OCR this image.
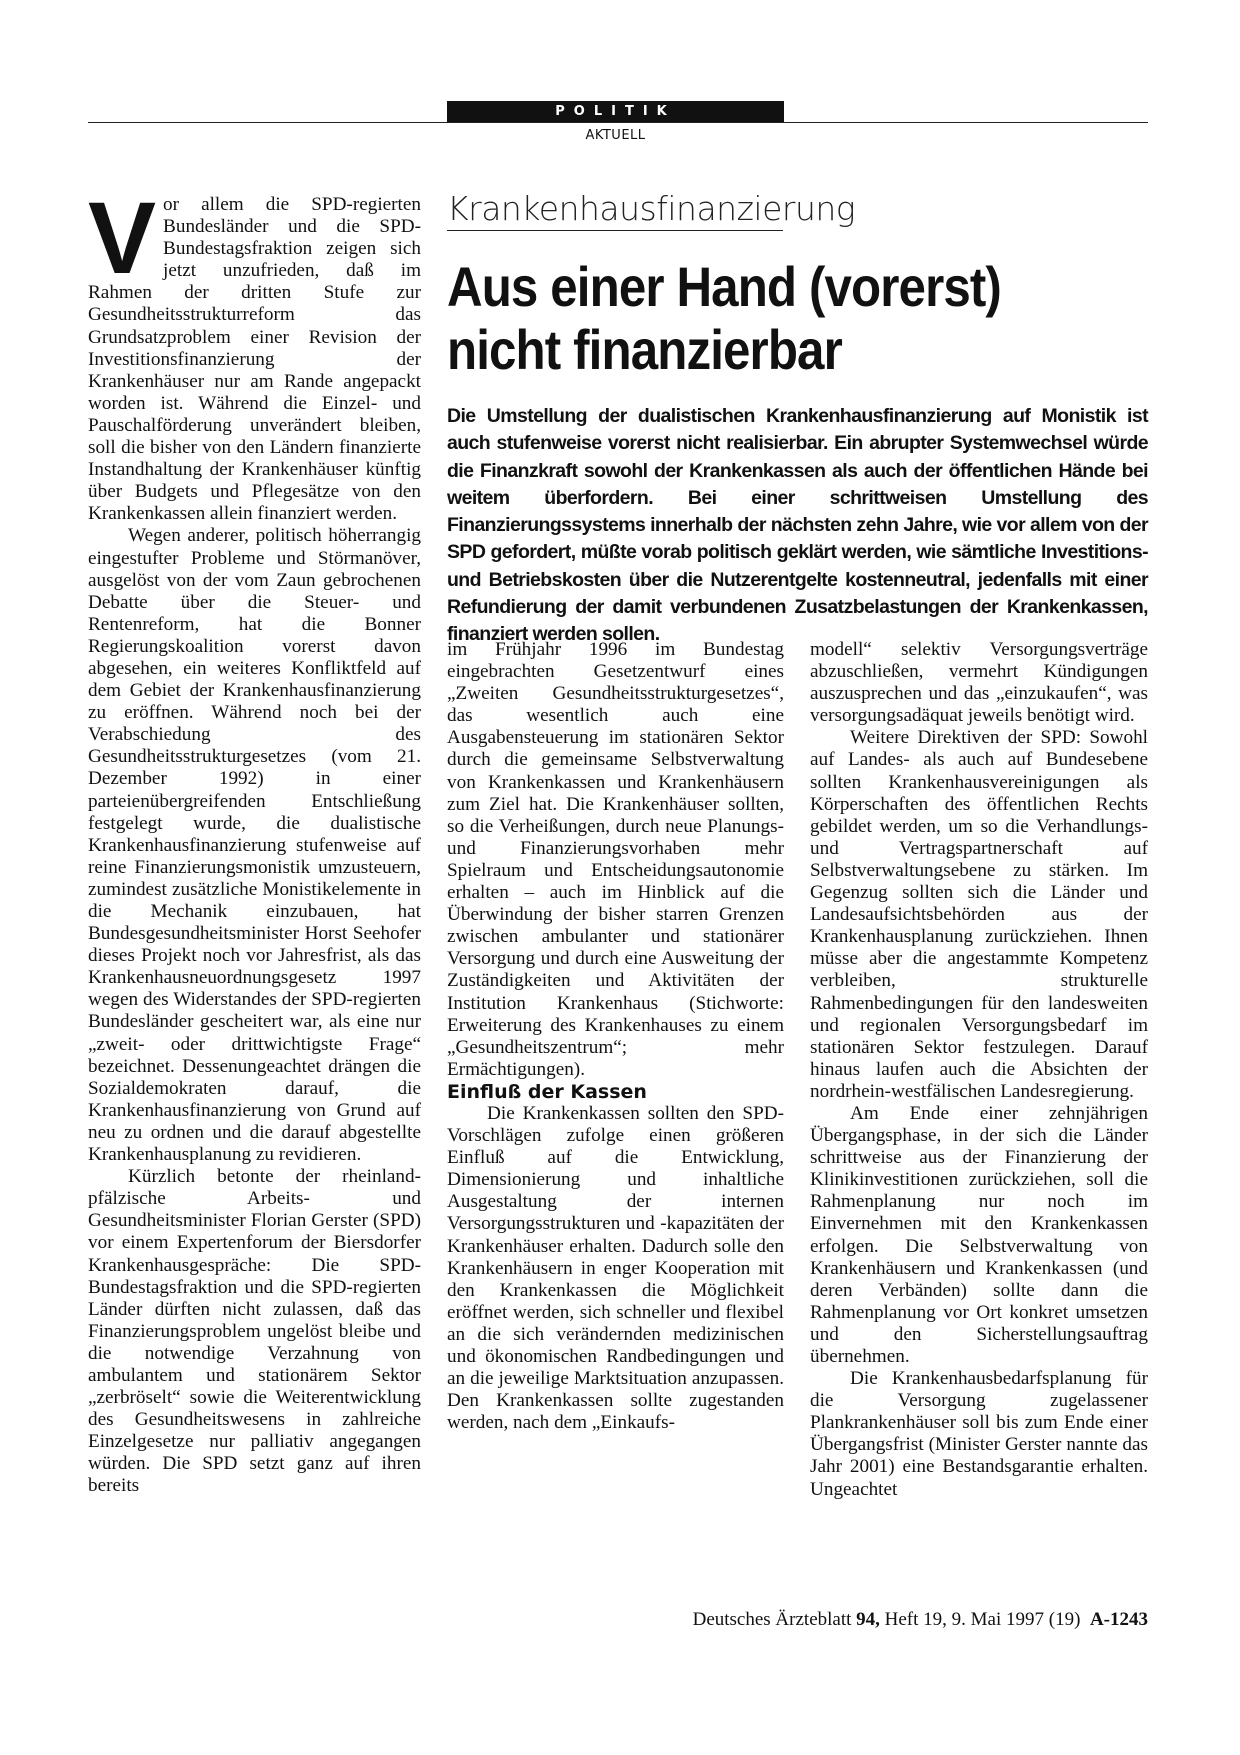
POLITIK
AKTUELL
Krankenhausfinanzierung
Aus einer Hand (vorerst)
nicht finanzierbar
Die Umstellung der dualistischen Krankenhausfinanzierung auf Monistik ist auch stufenweise vorerst nicht realisierbar. Ein abrupter Systemwechsel würde die Finanzkraft sowohl der Krankenkassen als auch der öffentlichen Hände bei weitem überfordern. Bei einer schrittweisen Umstellung des Finanzierungssystems innerhalb der nächsten zehn Jahre, wie vor allem von der SPD gefordert, müßte vorab politisch geklärt werden, wie sämtliche Investitions- und Betriebskosten über die Nutzerentgelte kostenneutral, jedenfalls mit einer Refundierung der damit verbundenen Zusatzbelastungen der Krankenkassen, finanziert werden sollen.

Vor allem die SPD-regierten Bundesländer und die SPD-Bundestagsfraktion zeigen sich jetzt unzufrieden, daß im Rahmen der dritten Stufe zur Gesundheitsstrukturreform das Grundsatzproblem einer Revision der Investitionsfinanzierung der Krankenhäuser nur am Rande angepackt worden ist. Während die Einzel- und Pauschalförderung unverändert bleiben, soll die bisher von den Ländern finanzierte Instandhaltung der Krankenhäuser künftig über Budgets und Pflegesätze von den Krankenkassen allein finanziert werden.

Wegen anderer, politisch höherrangig eingestufter Probleme und Störmanöver, ausgelöst von der vom Zaun gebrochenen Debatte über die Steuer- und Rentenreform, hat die Bonner Regierungskoalition vorerst davon abgesehen, ein weiteres Konfliktfeld auf dem Gebiet der Krankenhausfinanzierung zu eröffnen. Während noch bei der Verabschiedung des Gesundheitsstrukturgesetzes (vom 21. Dezember 1992) in einer parteienübergreifenden Entschließung festgelegt wurde, die dualistische Krankenhausfinanzierung stufenweise auf reine Finanzierungsmonistik umzusteuern, zumindest zusätzliche Monistikelemente in die Mechanik einzubauen, hat Bundesgesundheitsminister Horst Seehofer dieses Projekt noch vor Jahresfrist, als das Krankenhausneuordnungsgesetz 1997 wegen des Widerstandes der SPD-regierten Bundesländer gescheitert war, als eine nur „zweit- oder drittwichtigste Frage“ bezeichnet. Dessenungeachtet drängen die Sozialdemokraten darauf, die Krankenhausfinanzierung von Grund auf neu zu ordnen und die darauf abgestellte Krankenhausplanung zu revidieren.

Kürzlich betonte der rheinland-pfälzische Arbeits- und Gesundheitsminister Florian Gerster (SPD) vor einem Expertenforum der Biersdorfer Krankenhausgespräche: Die SPD-Bundestagsfraktion und die SPD-regierten Länder dürften nicht zulassen, daß das Finanzierungsproblem ungelöst bleibe und die notwendige Verzahnung von ambulantem und stationärem Sektor „zerbröselt“ sowie die Weiterentwicklung des Gesundheitswesens in zahlreiche Einzelgesetze nur palliativ angegangen würden. Die SPD setzt ganz auf ihren bereits

im Frühjahr 1996 im Bundestag eingebrachten Gesetzentwurf eines „Zweiten Gesundheitsstrukturgesetzes“, das wesentlich auch eine Ausgabensteuerung im stationären Sektor durch die gemeinsame Selbstverwaltung von Krankenkassen und Krankenhäusern zum Ziel hat. Die Krankenhäuser sollten, so die Verheißungen, durch neue Planungs- und Finanzierungsvorhaben mehr Spielraum und Entscheidungsautonomie erhalten – auch im Hinblick auf die Überwindung der bisher starren Grenzen zwischen ambulanter und stationärer Versorgung und durch eine Ausweitung der Zuständigkeiten und Aktivitäten der Institution Krankenhaus (Stichworte: Erweiterung des Krankenhauses zu einem „Gesundheitszentrum“; mehr Ermächtigungen).

Einfluß der Kassen

Die Krankenkassen sollten den SPD-Vorschlägen zufolge einen größeren Einfluß auf die Entwicklung, Dimensionierung und inhaltliche Ausgestaltung der internen Versorgungsstrukturen und -kapazitäten der Krankenhäuser erhalten. Dadurch solle den Krankenhäusern in enger Kooperation mit den Krankenkassen die Möglichkeit eröffnet werden, sich schneller und flexibel an die sich verändernden medizinischen und ökonomischen Randbedingungen und an die jeweilige Marktsituation anzupassen. Den Krankenkassen sollte zugestanden werden, nach dem „Einkaufs-

modell“ selektiv Versorgungsverträge abzuschließen, vermehrt Kündigungen auszusprechen und das „einzukaufen“, was versorgungsadäquat jeweils benötigt wird.

Weitere Direktiven der SPD: Sowohl auf Landes- als auch auf Bundesebene sollten Krankenhausvereinigungen als Körperschaften des öffentlichen Rechts gebildet werden, um so die Verhandlungs- und Vertragspartnerschaft auf Selbstverwaltungsebene zu stärken. Im Gegenzug sollten sich die Länder und Landesaufsichtsbehörden aus der Krankenhausplanung zurückziehen. Ihnen müsse aber die angestammte Kompetenz verbleiben, strukturelle Rahmenbedingungen für den landesweiten und regionalen Versorgungsbedarf im stationären Sektor festzulegen. Darauf hinaus laufen auch die Absichten der nordrhein-westfälischen Landesregierung.

Am Ende einer zehnjährigen Übergangsphase, in der sich die Länder schrittweise aus der Finanzierung der Klinikinvestitionen zurückziehen, soll die Rahmenplanung nur noch im Einvernehmen mit den Krankenkassen erfolgen. Die Selbstverwaltung von Krankenhäusern und Krankenkassen (und deren Verbänden) sollte dann die Rahmenplanung vor Ort konkret umsetzen und den Sicherstellungsauftrag übernehmen.

Die Krankenhausbedarfsplanung für die Versorgung zugelassener Plankrankenhäuser soll bis zum Ende einer Übergangsfrist (Minister Gerster nannte das Jahr 2001) eine Bestandsgarantie erhalten. Ungeachtet

Deutsches Ärzteblatt 94, Heft 19, 9. Mai 1997 (19) A-1243
